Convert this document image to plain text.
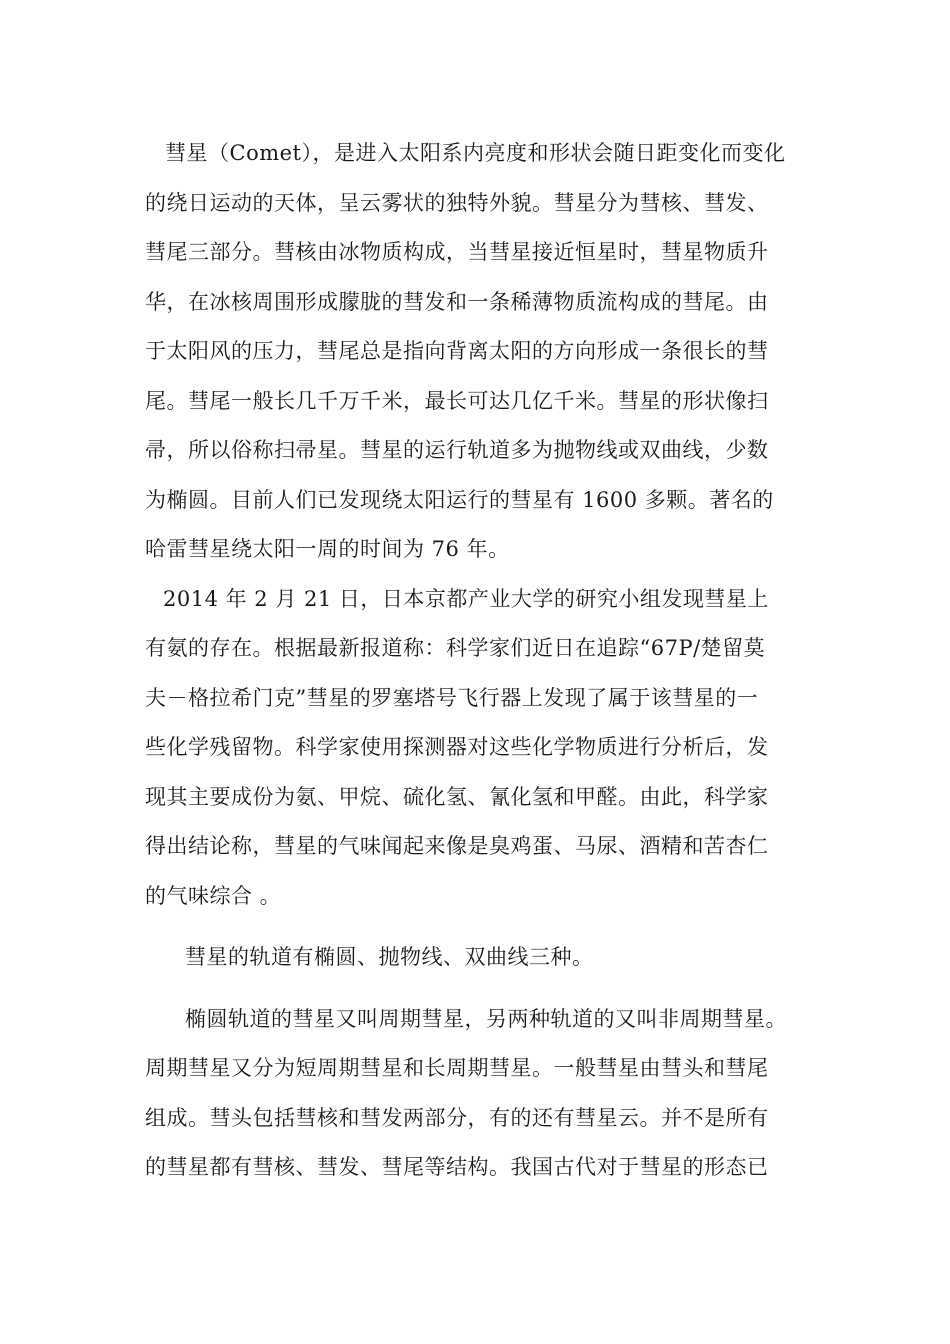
彗星（Comet），是进入太阳系内亮度和形状会随日距变化而变化
的绕日运动的天体，呈云雾状的独特外貌。彗星分为彗核、彗发、
彗尾三部分。彗核由冰物质构成，当彗星接近恒星时，彗星物质升
华，在冰核周围形成朦胧的彗发和一条稀薄物质流构成的彗尾。由
于太阳风的压力，彗尾总是指向背离太阳的方向形成一条很长的彗
尾。彗尾一般长几千万千米，最长可达几亿千米。彗星的形状像扫
帚，所以俗称扫帚星。彗星的运行轨道多为抛物线或双曲线，少数
为椭圆。目前人们已发现绕太阳运行的彗星有 1600 多颗。著名的
哈雷彗星绕太阳一周的时间为 76 年。
2014 年 2 月 21 日，日本京都产业大学的研究小组发现彗星上
有氨的存在。根据最新报道称：科学家们近日在追踪“67P/楚留莫
夫－格拉希门克”彗星的罗塞塔号飞行器上发现了属于该彗星的一
些化学残留物。科学家使用探测器对这些化学物质进行分析后，发
现其主要成份为氨、甲烷、硫化氢、氰化氢和甲醛。由此，科学家
得出结论称，彗星的气味闻起来像是臭鸡蛋、马尿、酒精和苦杏仁
的气味综合 。
彗星的轨道有椭圆、抛物线、双曲线三种。
椭圆轨道的彗星又叫周期彗星，另两种轨道的又叫非周期彗星。
周期彗星又分为短周期彗星和长周期彗星。一般彗星由彗头和彗尾
组成。彗头包括彗核和彗发两部分，有的还有彗星云。并不是所有
的彗星都有彗核、彗发、彗尾等结构。我国古代对于彗星的形态已
